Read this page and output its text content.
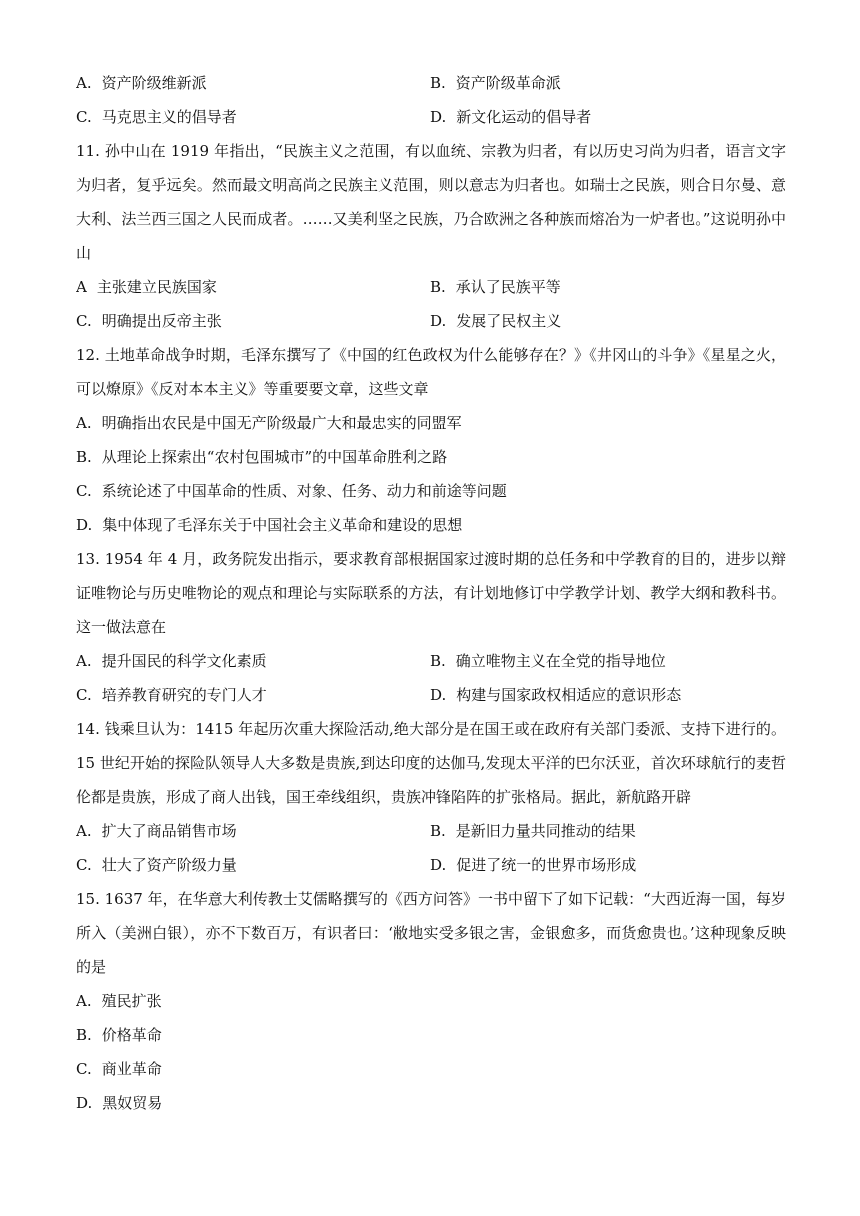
A. 资产阶级维新派	B. 资产阶级革命派
C. 马克思主义的倡导者	D. 新文化运动的倡导者
11. 孙中山在 1919 年指出，“民族主义之范围，有以血统、宗教为归者，有以历史习尚为归者，语言文字为归者，复乎远矣。然而最文明高尚之民族主义范围，则以意志为归者也。如瑞士之民族，则合日尔曼、意大利、法兰西三国之人民而成者。……又美利坚之民族，乃合欧洲之各种族而熔冶为一炉者也。”这说明孙中山
A 主张建立民族国家	B. 承认了民族平等
C. 明确提出反帝主张	D. 发展了民权主义
12. 土地革命战争时期，毛泽东撰写了《中国的红色政权为什么能够存在？》《井冈山的斗争》《星星之火，可以燎原》《反对本本主义》等重要要文章，这些文章
A. 明确指出农民是中国无产阶级最广大和最忠实的同盟军
B. 从理论上探索出“农村包围城市”的中国革命胜利之路
C. 系统论述了中国革命的性质、对象、任务、动力和前途等问题
D. 集中体现了毛泽东关于中国社会主义革命和建设的思想
13. 1954 年 4 月，政务院发出指示，要求教育部根据国家过渡时期的总任务和中学教育的目的，进步以辩证唯物论与历史唯物论的观点和理论与实际联系的方法，有计划地修订中学教学计划、教学大纲和教科书。这一做法意在
A. 提升国民的科学文化素质	B. 确立唯物主义在全党的指导地位
C. 培养教育研究的专门人才	D. 构建与国家政权相适应的意识形态
14. 钱乘旦认为：1415 年起历次重大探险活动,绝大部分是在国王或在政府有关部门委派、支持下进行的。15 世纪开始的探险队领导人大多数是贵族,到达印度的达伽马,发现太平洋的巴尔沃亚，首次环球航行的麦哲伦都是贵族，形成了商人出钱，国王牵线组织，贵族冲锋陷阵的扩张格局。据此，新航路开辟
A. 扩大了商品销售市场	B. 是新旧力量共同推动的结果
C. 壮大了资产阶级力量	D. 促进了统一的世界市场形成
15. 1637 年，在华意大利传教士艾儒略撰写的《西方问答》一书中留下了如下记载：“大西近海一国，每岁所入（美洲白银），亦不下数百万，有识者曰：‘敝地实受多银之害，金银愈多，而货愈贵也。’这种现象反映的是
A. 殖民扩张
B. 价格革命
C. 商业革命
D. 黑奴贸易
